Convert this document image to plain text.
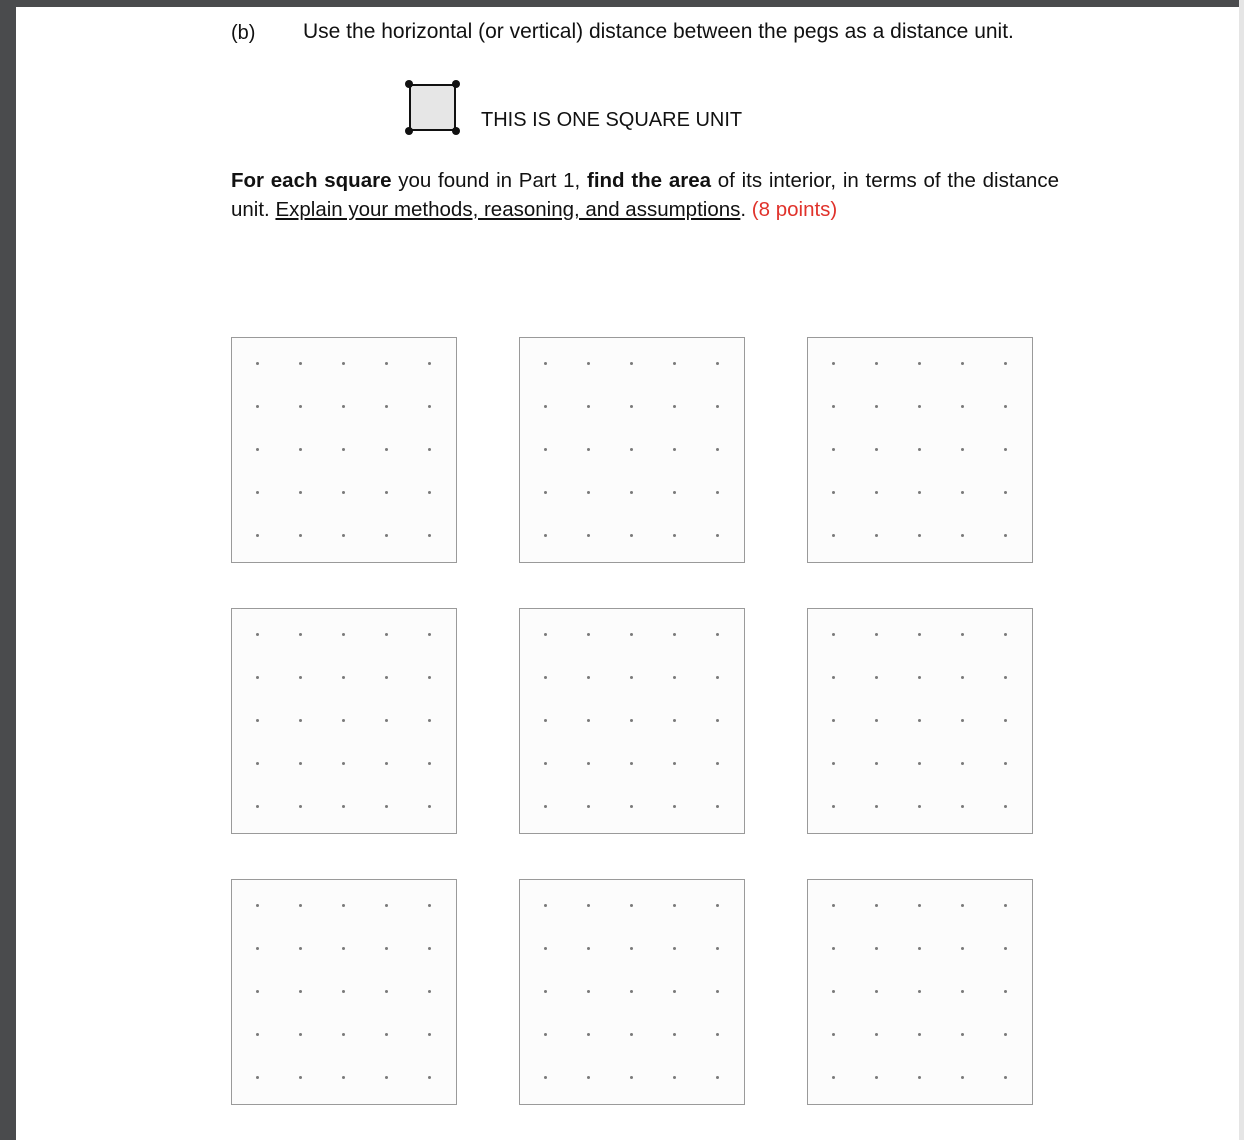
(b) Use the horizontal (or vertical) distance between the pegs as a distance unit.
THIS IS ONE SQUARE UNIT
For each square you found in Part 1, find the area of its interior, in terms of the distance unit. Explain your methods, reasoning, and assumptions. (8 points)
